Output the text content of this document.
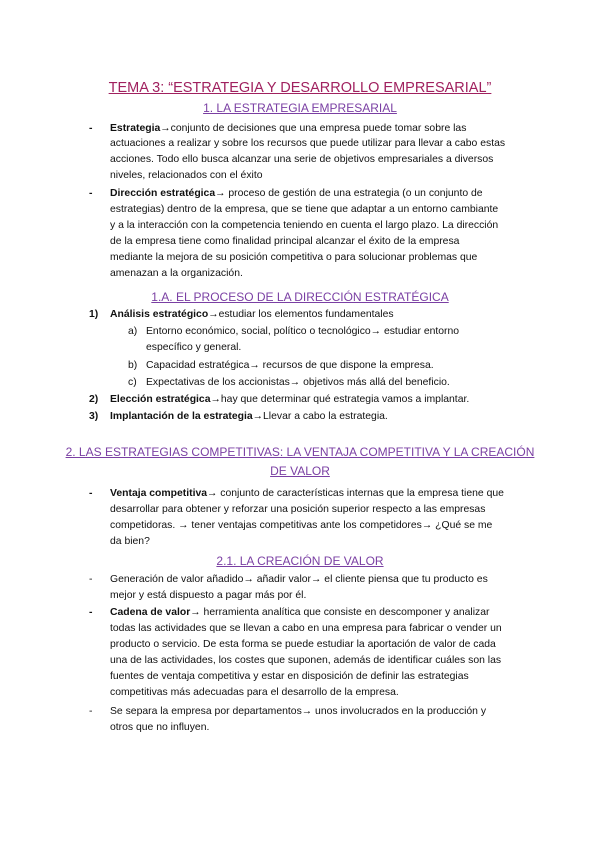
TEMA 3: “ESTRATEGIA Y DESARROLLO EMPRESARIAL”
1. LA ESTRATEGIA EMPRESARIAL
- Estrategia→conjunto de decisiones que una empresa puede tomar sobre las
actuaciones a realizar y sobre los recursos que puede utilizar para llevar a cabo estas
acciones. Todo ello busca alcanzar una serie de objetivos empresariales a diversos
niveles, relacionados con el éxito
- Dirección estratégica→ proceso de gestión de una estrategia (o un conjunto de
estrategias) dentro de la empresa, que se tiene que adaptar a un entorno cambiante
y a la interacción con la competencia teniendo en cuenta el largo plazo. La dirección
de la empresa tiene como finalidad principal alcanzar el éxito de la empresa
mediante la mejora de su posición competitiva o para solucionar problemas que
amenazan a la organización.
1.A. EL PROCESO DE LA DIRECCIÓN ESTRATÉGICA
1) Análisis estratégico→estudiar los elementos fundamentales
a) Entorno económico, social, político o tecnológico→ estudiar entorno
específico y general.
b) Capacidad estratégica→ recursos de que dispone la empresa.
c) Expectativas de los accionistas→ objetivos más allá del beneficio.
2) Elección estratégica→hay que determinar qué estrategia vamos a implantar.
3) Implantación de la estrategia→Llevar a cabo la estrategia.
2. LAS ESTRATEGIAS COMPETITIVAS: LA VENTAJA COMPETITIVA Y LA CREACIÓN
DE VALOR
- Ventaja competitiva→ conjunto de características internas que la empresa tiene que
desarrollar para obtener y reforzar una posición superior respecto a las empresas
competidoras. → tener ventajas competitivas ante los competidores→ ¿Qué se me
da bien?
2.1. LA CREACIÓN DE VALOR
- Generación de valor añadido→ añadir valor→ el cliente piensa que tu producto es
mejor y está dispuesto a pagar más por él.
- Cadena de valor→ herramienta analítica que consiste en descomponer y analizar
todas las actividades que se llevan a cabo en una empresa para fabricar o vender un
producto o servicio. De esta forma se puede estudiar la aportación de valor de cada
una de las actividades, los costes que suponen, además de identificar cuáles son las
fuentes de ventaja competitiva y estar en disposición de definir las estrategias
competitivas más adecuadas para el desarrollo de la empresa.
- Se separa la empresa por departamentos→ unos involucrados en la producción y
otros que no influyen.
